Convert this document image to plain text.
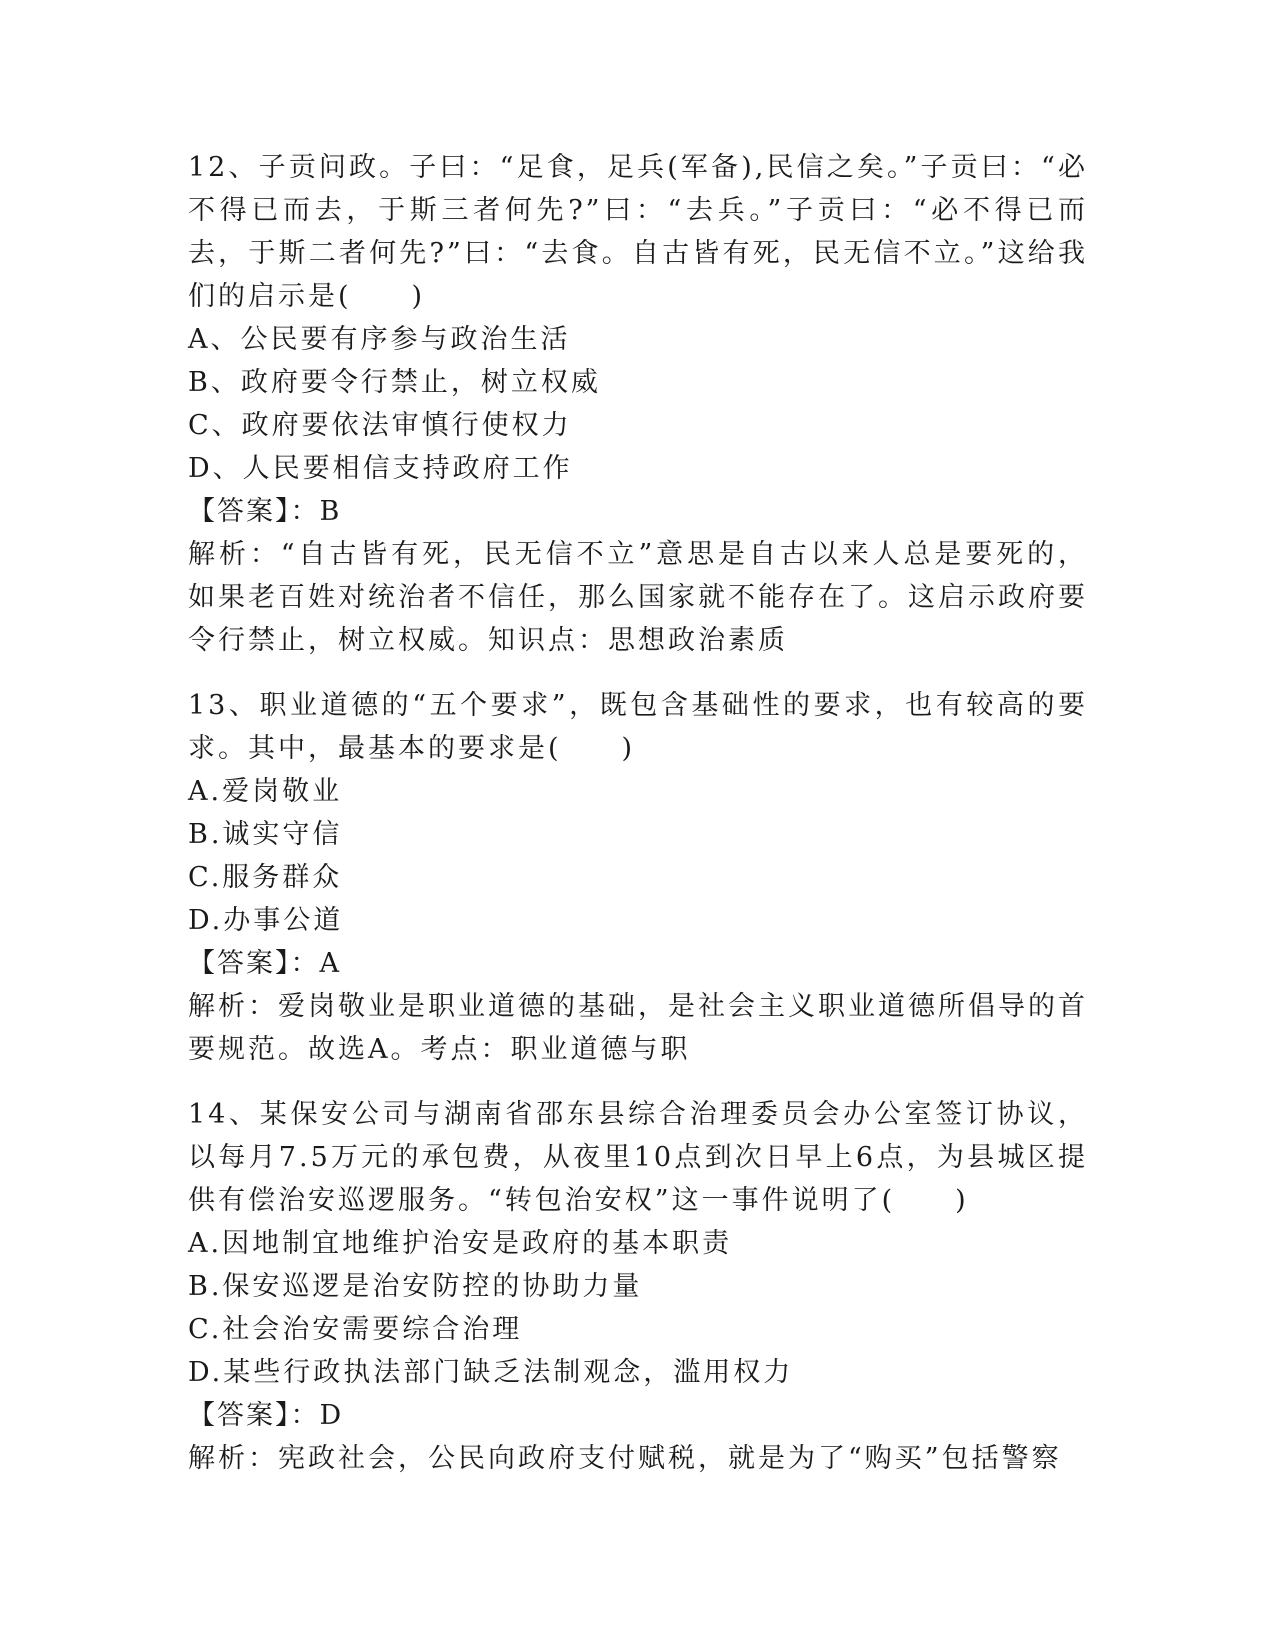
12、子贡问政。子曰：“足食，足兵(军备),民信之矣。”子贡曰：“必不得已而去，于斯三者何先?”曰：“去兵。”子贡曰：“必不得已而去，于斯二者何先?”曰：“去食。自古皆有死，民无信不立。”这给我们的启示是(　　)

A、公民要有序参与政治生活

B、政府要令行禁止，树立权威

C、政府要依法审慎行使权力

D、人民要相信支持政府工作

【答案】：B

解析：“自古皆有死，民无信不立”意思是自古以来人总是要死的，如果老百姓对统治者不信任，那么国家就不能存在了。这启示政府要令行禁止，树立权威。知识点：思想政治素质

13、职业道德的“五个要求”，既包含基础性的要求，也有较高的要求。其中，最基本的要求是(　　)

A.爱岗敬业

B.诚实守信

C.服务群众

D.办事公道

【答案】：A

解析：爱岗敬业是职业道德的基础，是社会主义职业道德所倡导的首要规范。故选A。考点：职业道德与职

14、某保安公司与湖南省邵东县综合治理委员会办公室签订协议，以每月7.5万元的承包费，从夜里10点到次日早上6点，为县城区提供有偿治安巡逻服务。“转包治安权”这一事件说明了(　　)

A.因地制宜地维护治安是政府的基本职责

B.保安巡逻是治安防控的协助力量

C.社会治安需要综合治理

D.某些行政执法部门缺乏法制观念，滥用权力

【答案】：D

解析：宪政社会，公民向政府支付赋税，就是为了“购买”包括警察
